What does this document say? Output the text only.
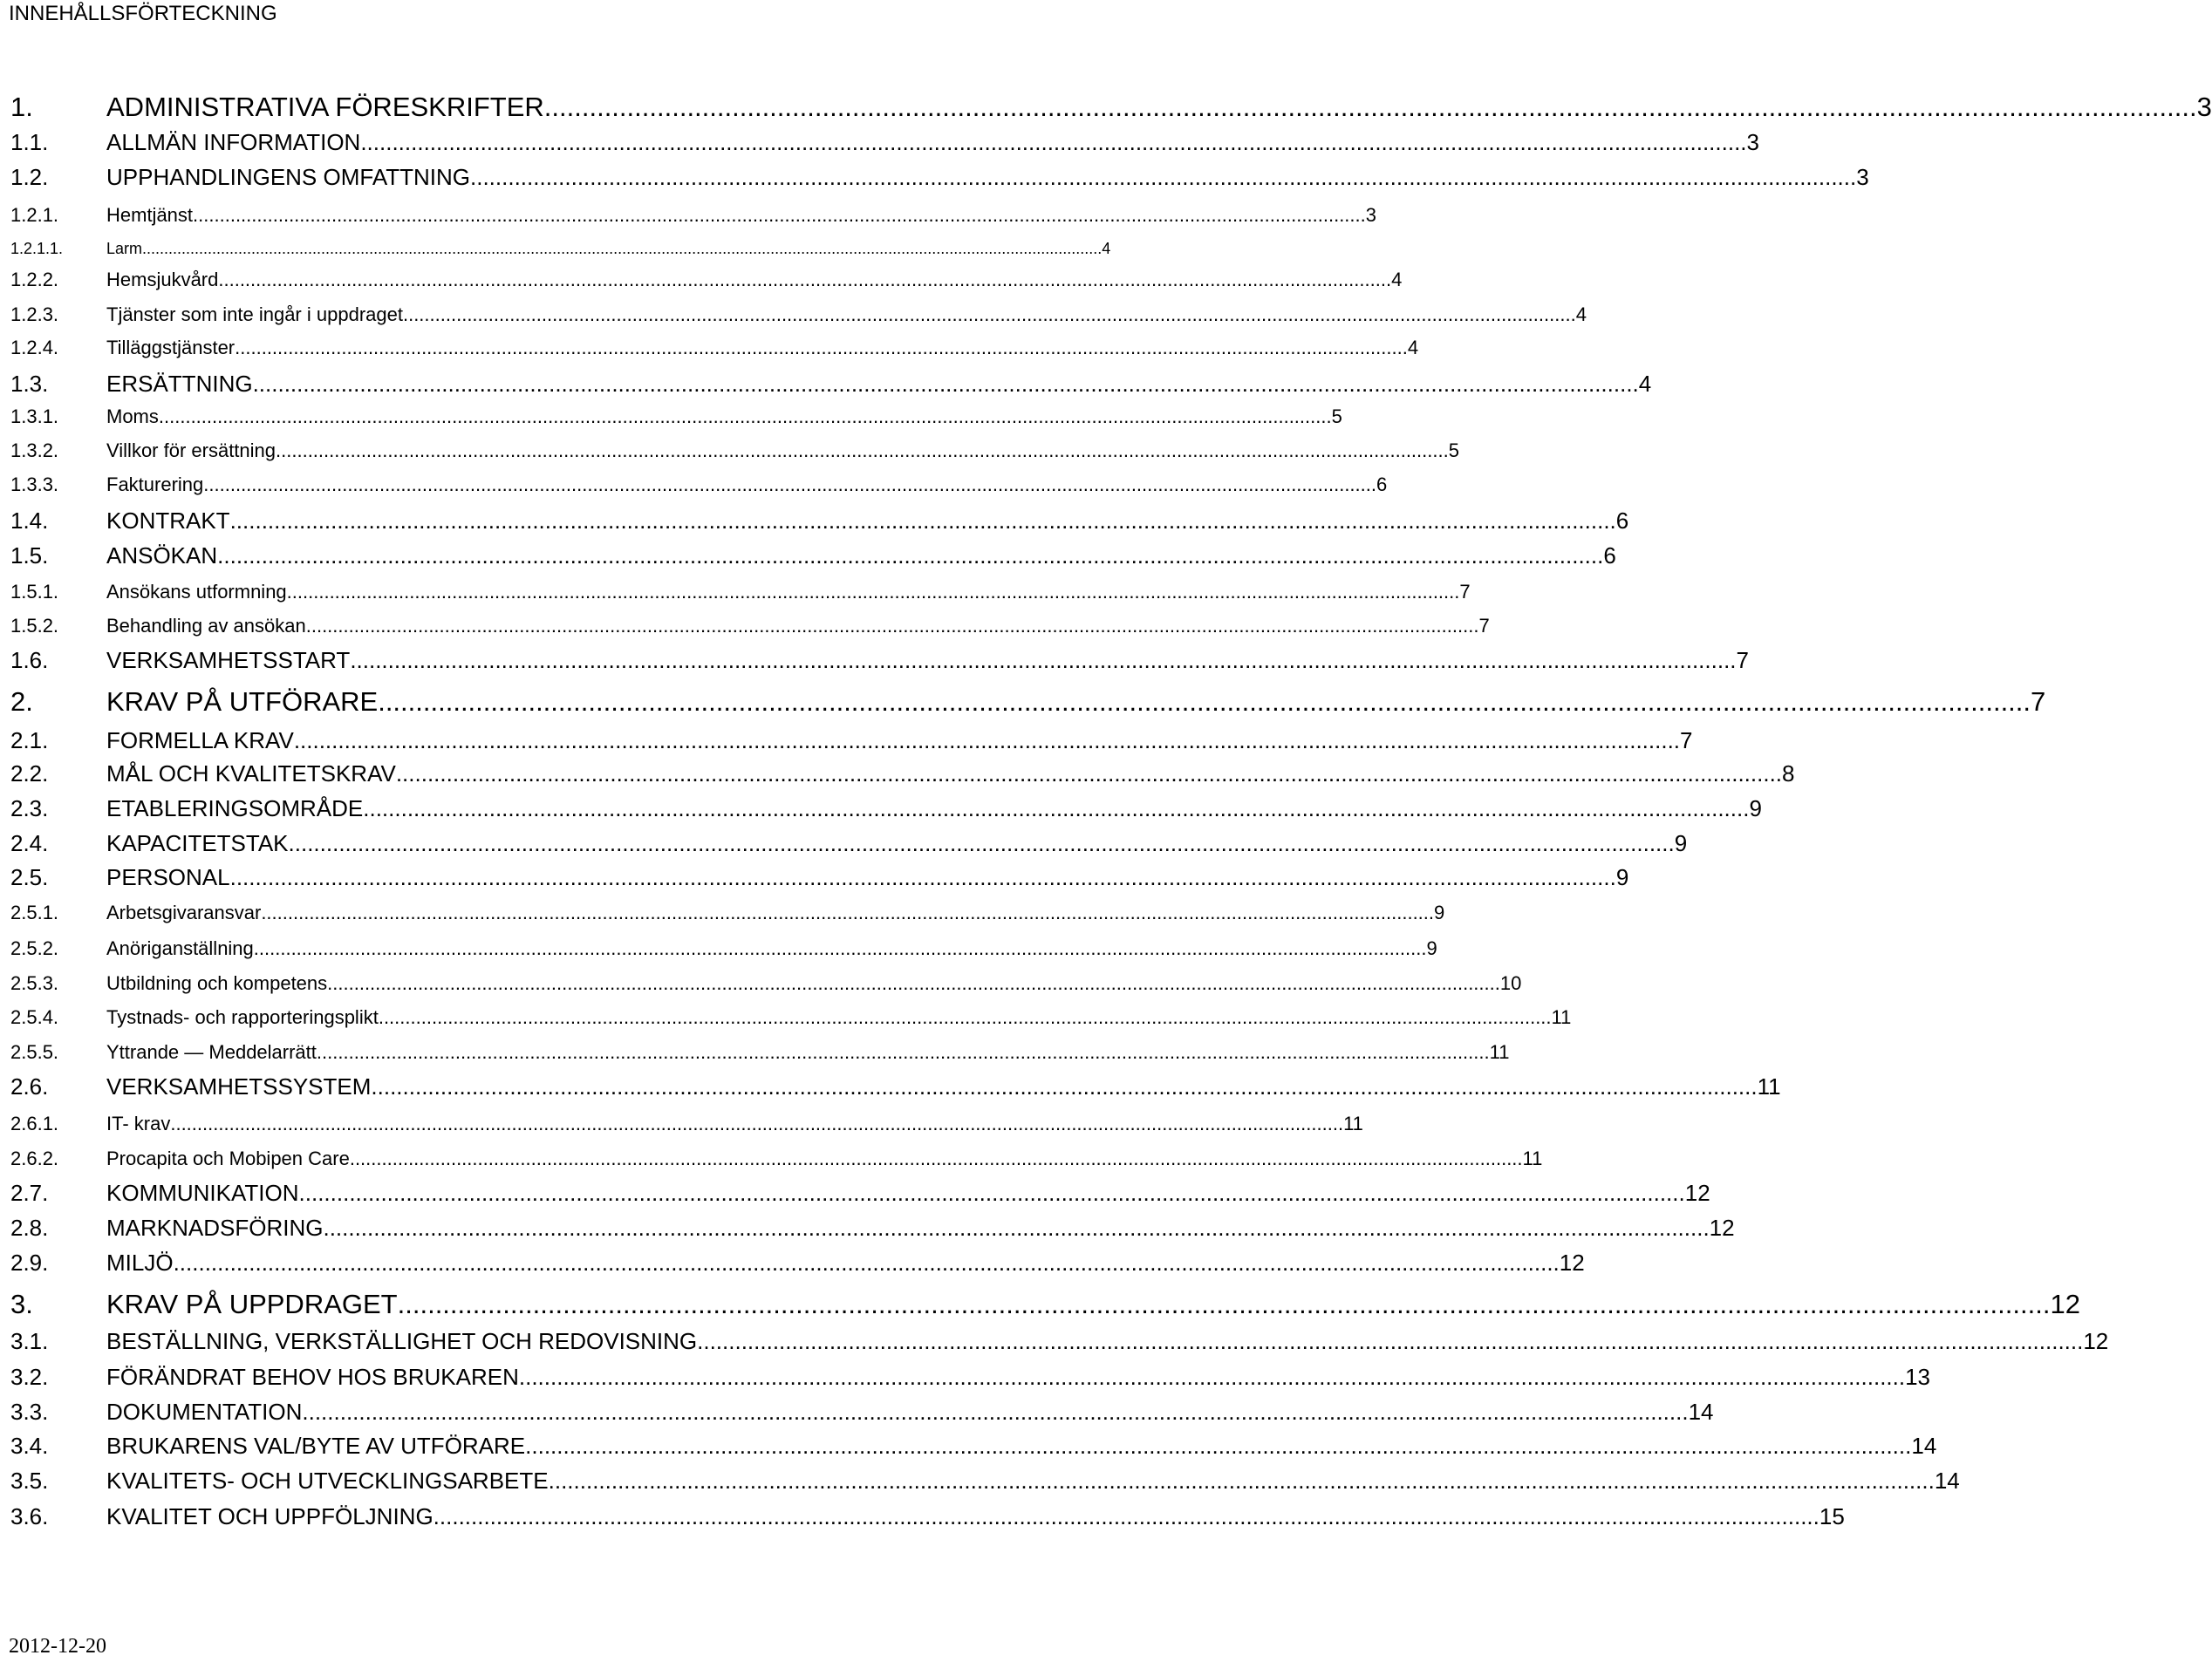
INNEHÅLLSFÖRTECKNING
1.	ADMINISTRATIVA FÖRESKRIFTER ............................................................................................................................................................................................................................ 3
1.1.	ALLMÄN INFORMATION ............................................................................................................................................................................................................................ 3
1.2.	UPPHANDLINGENS OMFATTNING ............................................................................................................................................................................................................................ 3
1.2.1.	Hemtjänst ............................................................................................................................................................................................................................ 3
1.2.1.1.	Larm ............................................................................................................................................................................................................................ 4
1.2.2.	Hemsjukvård ............................................................................................................................................................................................................................ 4
1.2.3.	Tjänster som inte ingår i uppdraget ............................................................................................................................................................................................................................ 4
1.2.4.	Tilläggstjänster ............................................................................................................................................................................................................................ 4
1.3.	ERSÄTTNING ............................................................................................................................................................................................................................ 4
1.3.1.	Moms ............................................................................................................................................................................................................................ 5
1.3.2.	Villkor för ersättning ............................................................................................................................................................................................................................ 5
1.3.3.	Fakturering ............................................................................................................................................................................................................................ 6
1.4.	KONTRAKT ............................................................................................................................................................................................................................ 6
1.5.	ANSÖKAN ............................................................................................................................................................................................................................ 6
1.5.1.	Ansökans utformning ............................................................................................................................................................................................................................ 7
1.5.2.	Behandling av ansökan ............................................................................................................................................................................................................................ 7
1.6.	VERKSAMHETSSTART ............................................................................................................................................................................................................................ 7
2.	KRAV PÅ UTFÖRARE ............................................................................................................................................................................................................................ 7
2.1.	FORMELLA KRAV ............................................................................................................................................................................................................................ 7
2.2.	MÅL OCH KVALITETSKRAV ............................................................................................................................................................................................................................ 8
2.3.	ETABLERINGSOMRÅDE ............................................................................................................................................................................................................................ 9
2.4.	KAPACITETSTAK ............................................................................................................................................................................................................................ 9
2.5.	PERSONAL ............................................................................................................................................................................................................................ 9
2.5.1.	Arbetsgivaransvar ............................................................................................................................................................................................................................ 9
2.5.2.	Anöriganställning ............................................................................................................................................................................................................................ 9
2.5.3.	Utbildning och kompetens ............................................................................................................................................................................................................................ 10
2.5.4.	Tystnads- och rapporteringsplikt ............................................................................................................................................................................................................................ 11
2.5.5.	Yttrande — Meddelarrätt ............................................................................................................................................................................................................................ 11
2.6.	VERKSAMHETSSYSTEM ............................................................................................................................................................................................................................ 11
2.6.1.	IT- krav ............................................................................................................................................................................................................................ 11
2.6.2.	Procapita och Mobipen Care ............................................................................................................................................................................................................................ 11
2.7.	KOMMUNIKATION ............................................................................................................................................................................................................................ 12
2.8.	MARKNADSFÖRING ............................................................................................................................................................................................................................ 12
2.9.	MILJÖ ............................................................................................................................................................................................................................ 12
3.	KRAV PÅ UPPDRAGET ............................................................................................................................................................................................................................ 12
3.1.	BESTÄLLNING, VERKSTÄLLIGHET OCH REDOVISNING ............................................................................................................................................................................................................................ 12
3.2.	FÖRÄNDRAT BEHOV HOS BRUKAREN ............................................................................................................................................................................................................................ 13
3.3.	DOKUMENTATION ............................................................................................................................................................................................................................ 14
3.4.	BRUKARENS VAL/BYTE AV UTFÖRARE ............................................................................................................................................................................................................................ 14
3.5.	KVALITETS- OCH UTVECKLINGSARBETE ............................................................................................................................................................................................................................ 14
3.6.	KVALITET OCH UPPFÖLJNING ............................................................................................................................................................................................................................ 15
2012-12-20
